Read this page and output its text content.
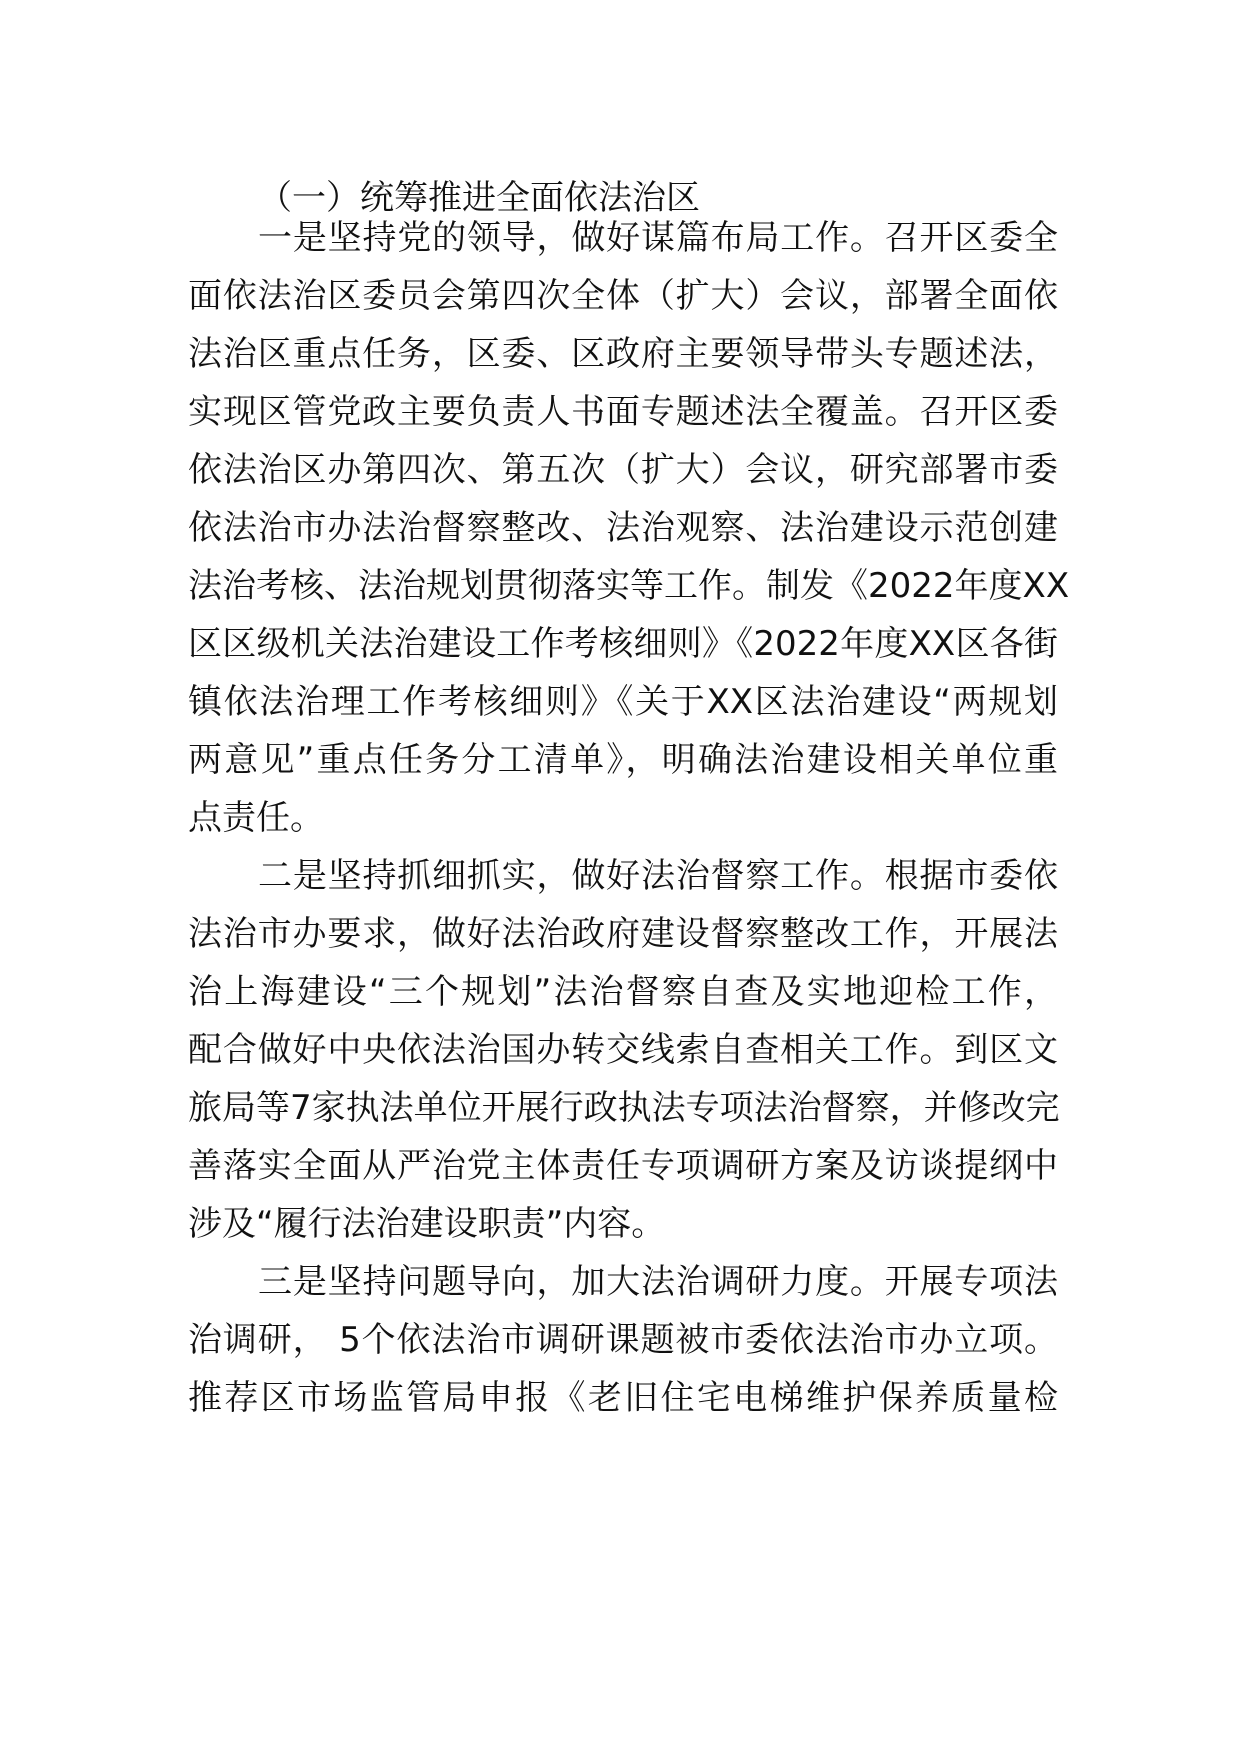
（一）统筹推进全面依法治区
一是坚持党的领导，做好谋篇布局工作。召开区委全
面依法治区委员会第四次全体（扩大）会议，部署全面依
法治区重点任务，区委、区政府主要领导带头专题述法，
实现区管党政主要负责人书面专题述法全覆盖。召开区委
依法治区办第四次、第五次（扩大）会议，研究部署市委
依法治市办法治督察整改、法治观察、法治建设示范创建
法治考核、法治规划贯彻落实等工作。制发《2022年度XX
区区级机关法治建设工作考核细则》《2022年度XX区各街
镇依法治理工作考核细则》《关于XX区法治建设“两规划
两意见”重点任务分工清单》，明确法治建设相关单位重
点责任。
二是坚持抓细抓实，做好法治督察工作。根据市委依
法治市办要求，做好法治政府建设督察整改工作，开展法
治上海建设“三个规划”法治督察自查及实地迎检工作，
配合做好中央依法治国办转交线索自查相关工作。到区文
旅局等7家执法单位开展行政执法专项法治督察，并修改完
善落实全面从严治党主体责任专项调研方案及访谈提纲中
涉及“履行法治建设职责”内容。
三是坚持问题导向，加大法治调研力度。开展专项法
治调研， 5个依法治市调研课题被市委依法治市办立项。
推荐区市场监管局申报《老旧住宅电梯维护保养质量检
